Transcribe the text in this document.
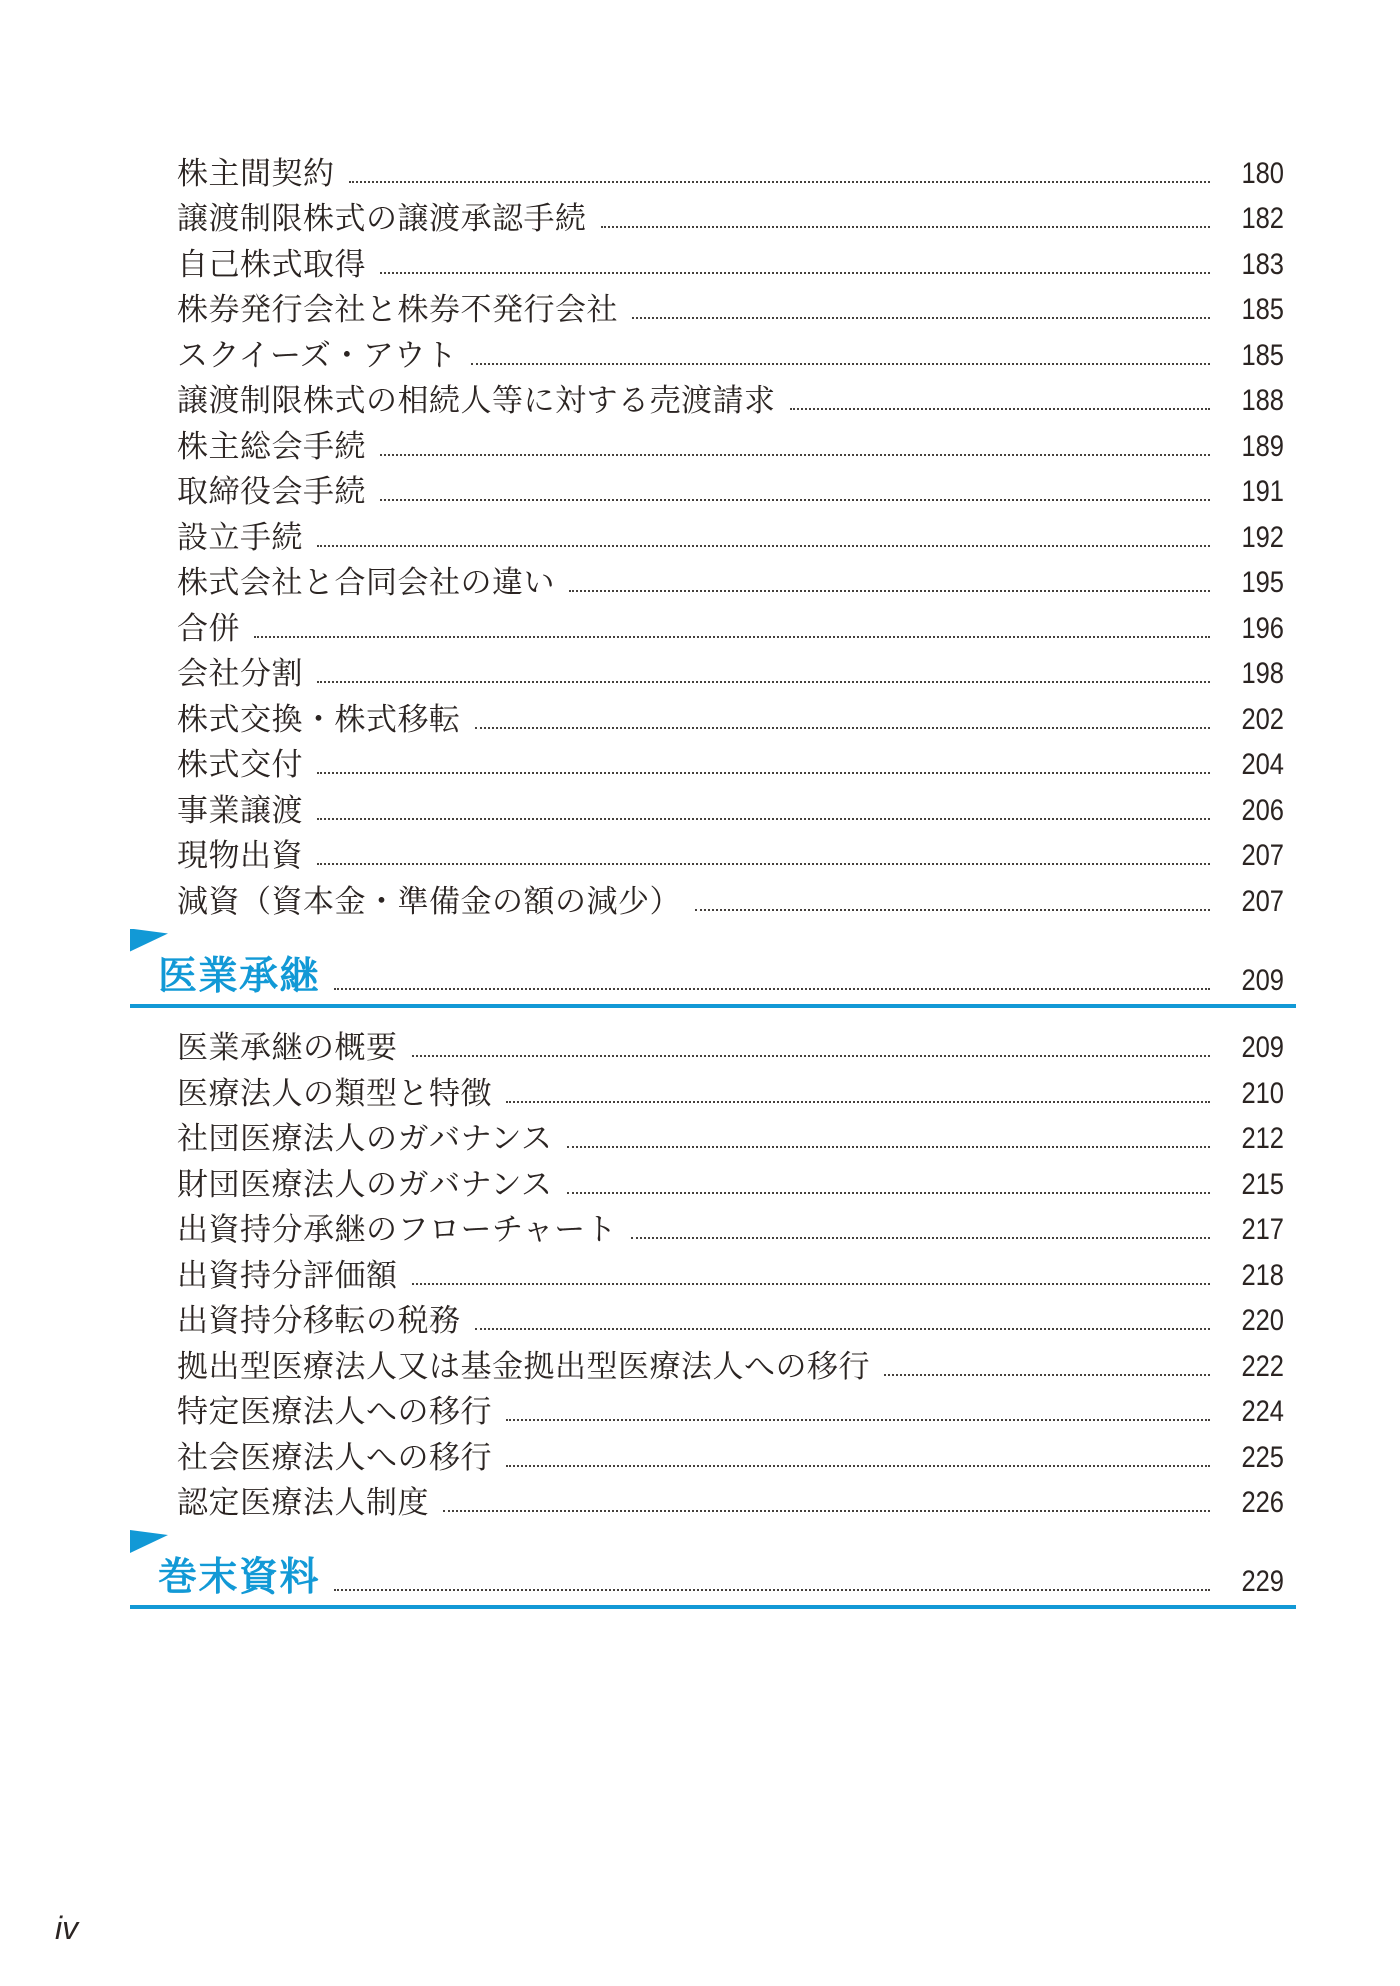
株主間契約	180
譲渡制限株式の譲渡承認手続	182
自己株式取得	183
株券発行会社と株券不発行会社	185
スクイーズ・アウト	185
譲渡制限株式の相続人等に対する売渡請求	188
株主総会手続	189
取締役会手続	191
設立手続	192
株式会社と合同会社の違い	195
合併	196
会社分割	198
株式交換・株式移転	202
株式交付	204
事業譲渡	206
現物出資	207
減資（資本金・準備金の額の減少）	207
医業承継	209
医業承継の概要	209
医療法人の類型と特徴	210
社団医療法人のガバナンス	212
財団医療法人のガバナンス	215
出資持分承継のフローチャート	217
出資持分評価額	218
出資持分移転の税務	220
拠出型医療法人又は基金拠出型医療法人への移行	222
特定医療法人への移行	224
社会医療法人への移行	225
認定医療法人制度	226
巻末資料	229
iv
